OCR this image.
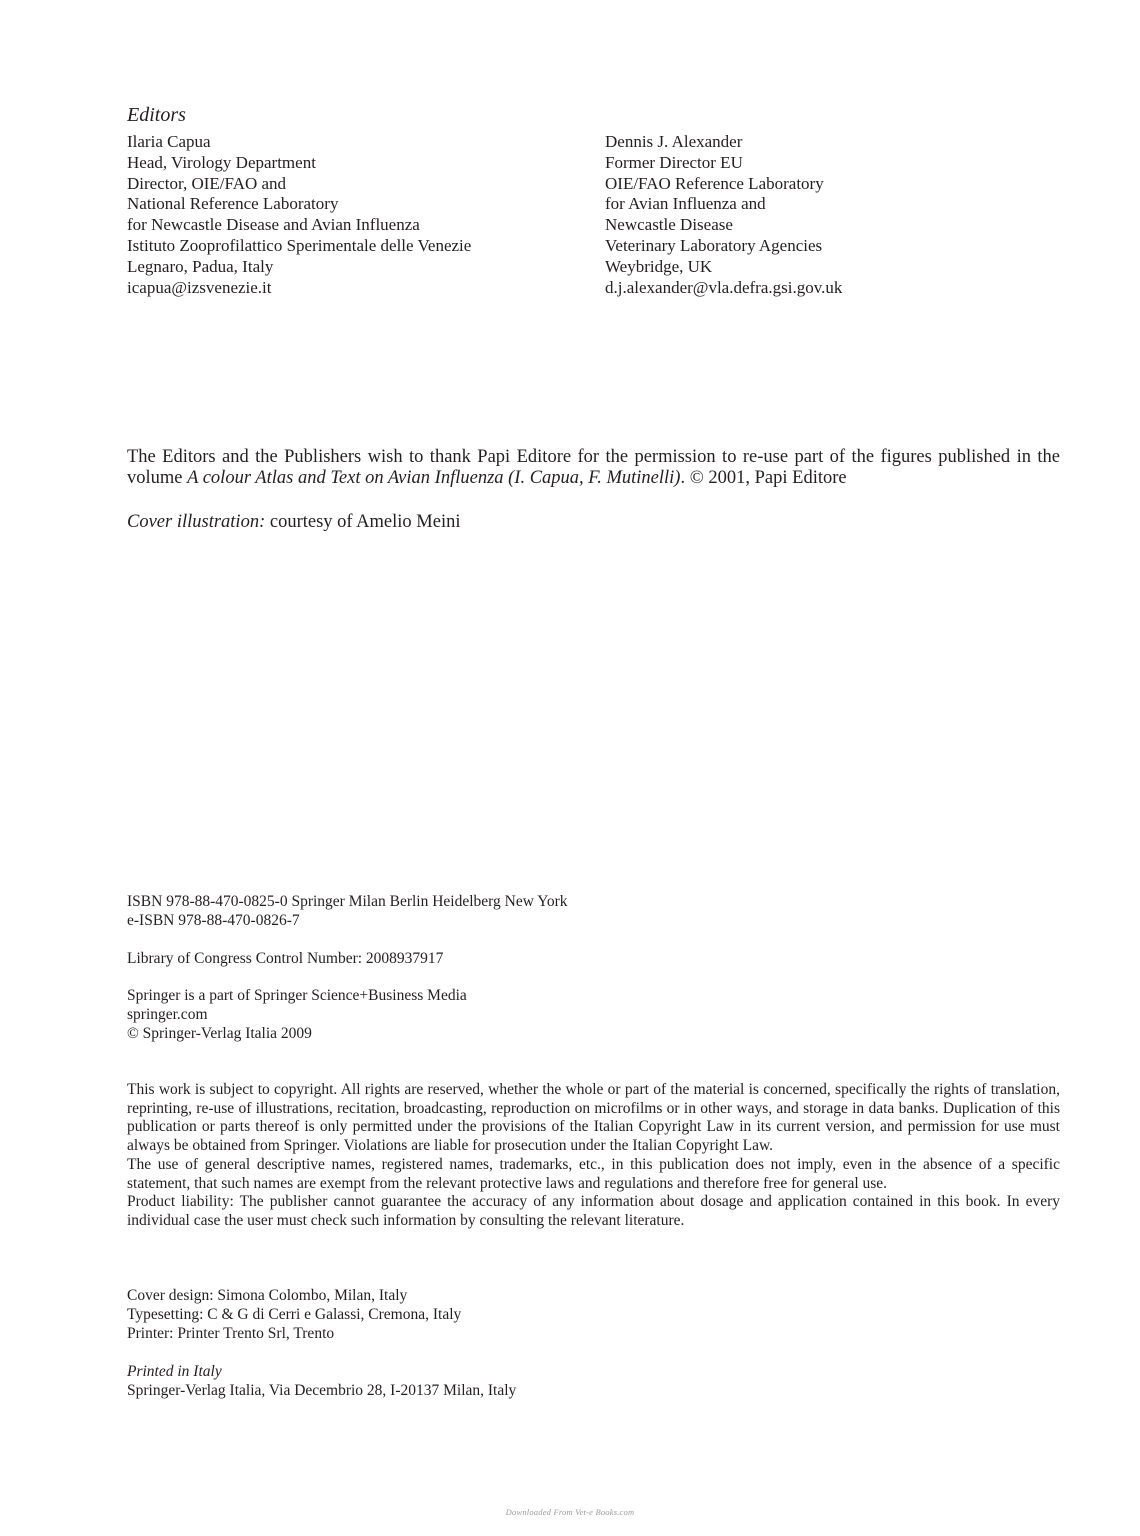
Editors
Ilaria Capua
Head, Virology Department
Director, OIE/FAO and
National Reference Laboratory
for Newcastle Disease and Avian Influenza
Istituto Zooprofilattico Sperimentale delle Venezie
Legnaro, Padua, Italy
icapua@izsvenezie.it
Dennis J. Alexander
Former Director EU
OIE/FAO Reference Laboratory
for Avian Influenza and
Newcastle Disease
Veterinary Laboratory Agencies
Weybridge, UK
d.j.alexander@vla.defra.gsi.gov.uk
The Editors and the Publishers wish to thank Papi Editore for the permission to re-use part of the figures published in the volume A colour Atlas and Text on Avian Influenza (I. Capua, F. Mutinelli). © 2001, Papi Editore
Cover illustration: courtesy of Amelio Meini
ISBN 978-88-470-0825-0 Springer Milan Berlin Heidelberg New York
e-ISBN 978-88-470-0826-7
Library of Congress Control Number: 2008937917
Springer is a part of Springer Science+Business Media
springer.com
© Springer-Verlag Italia 2009
This work is subject to copyright. All rights are reserved, whether the whole or part of the material is concerned, specifically the rights of translation, reprinting, re-use of illustrations, recitation, broadcasting, reproduction on microfilms or in other ways, and storage in data banks. Duplication of this publication or parts thereof is only permitted under the provisions of the Italian Copyright Law in its current version, and permission for use must always be obtained from Springer. Violations are liable for prosecution under the Italian Copyright Law.
The use of general descriptive names, registered names, trademarks, etc., in this publication does not imply, even in the absence of a specific statement, that such names are exempt from the relevant protective laws and regulations and therefore free for general use.
Product liability: The publisher cannot guarantee the accuracy of any information about dosage and application contained in this book. In every individual case the user must check such information by consulting the relevant literature.
Cover design: Simona Colombo, Milan, Italy
Typesetting: C & G di Cerri e Galassi, Cremona, Italy
Printer: Printer Trento Srl, Trento
Printed in Italy
Springer-Verlag Italia, Via Decembrio 28, I-20137 Milan, Italy
Downloaded From Vet-e Books.com
